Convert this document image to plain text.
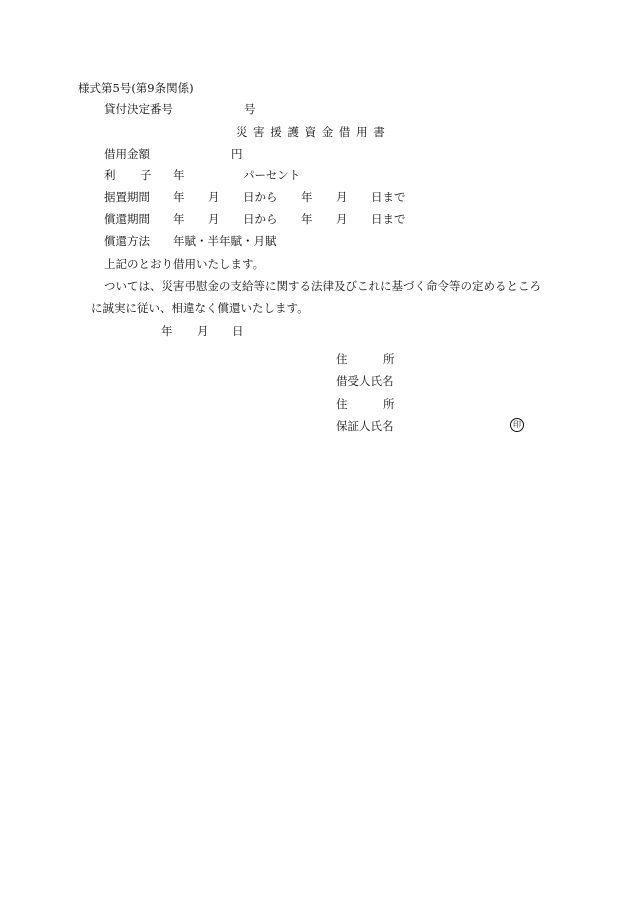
様式第5号(第9条関係)
貸付決定番号	号
災 害 援 護 資 金 借 用 書
借用金額	円
利 子 年	パーセント
据置期間 年 月 日から 年 月 日まで
償還期間 年 月 日から 年 月 日まで
償還方法 年賦・半年賦・月賦
上記のとおり借用いたします。
ついては、災害弔慰金の支給等に関する法律及びこれに基づく命令等の定めるところ
に誠実に従い、相違なく償還いたします。
年 月 日
住	所
借受人氏名
住	所
保証人氏名	印
